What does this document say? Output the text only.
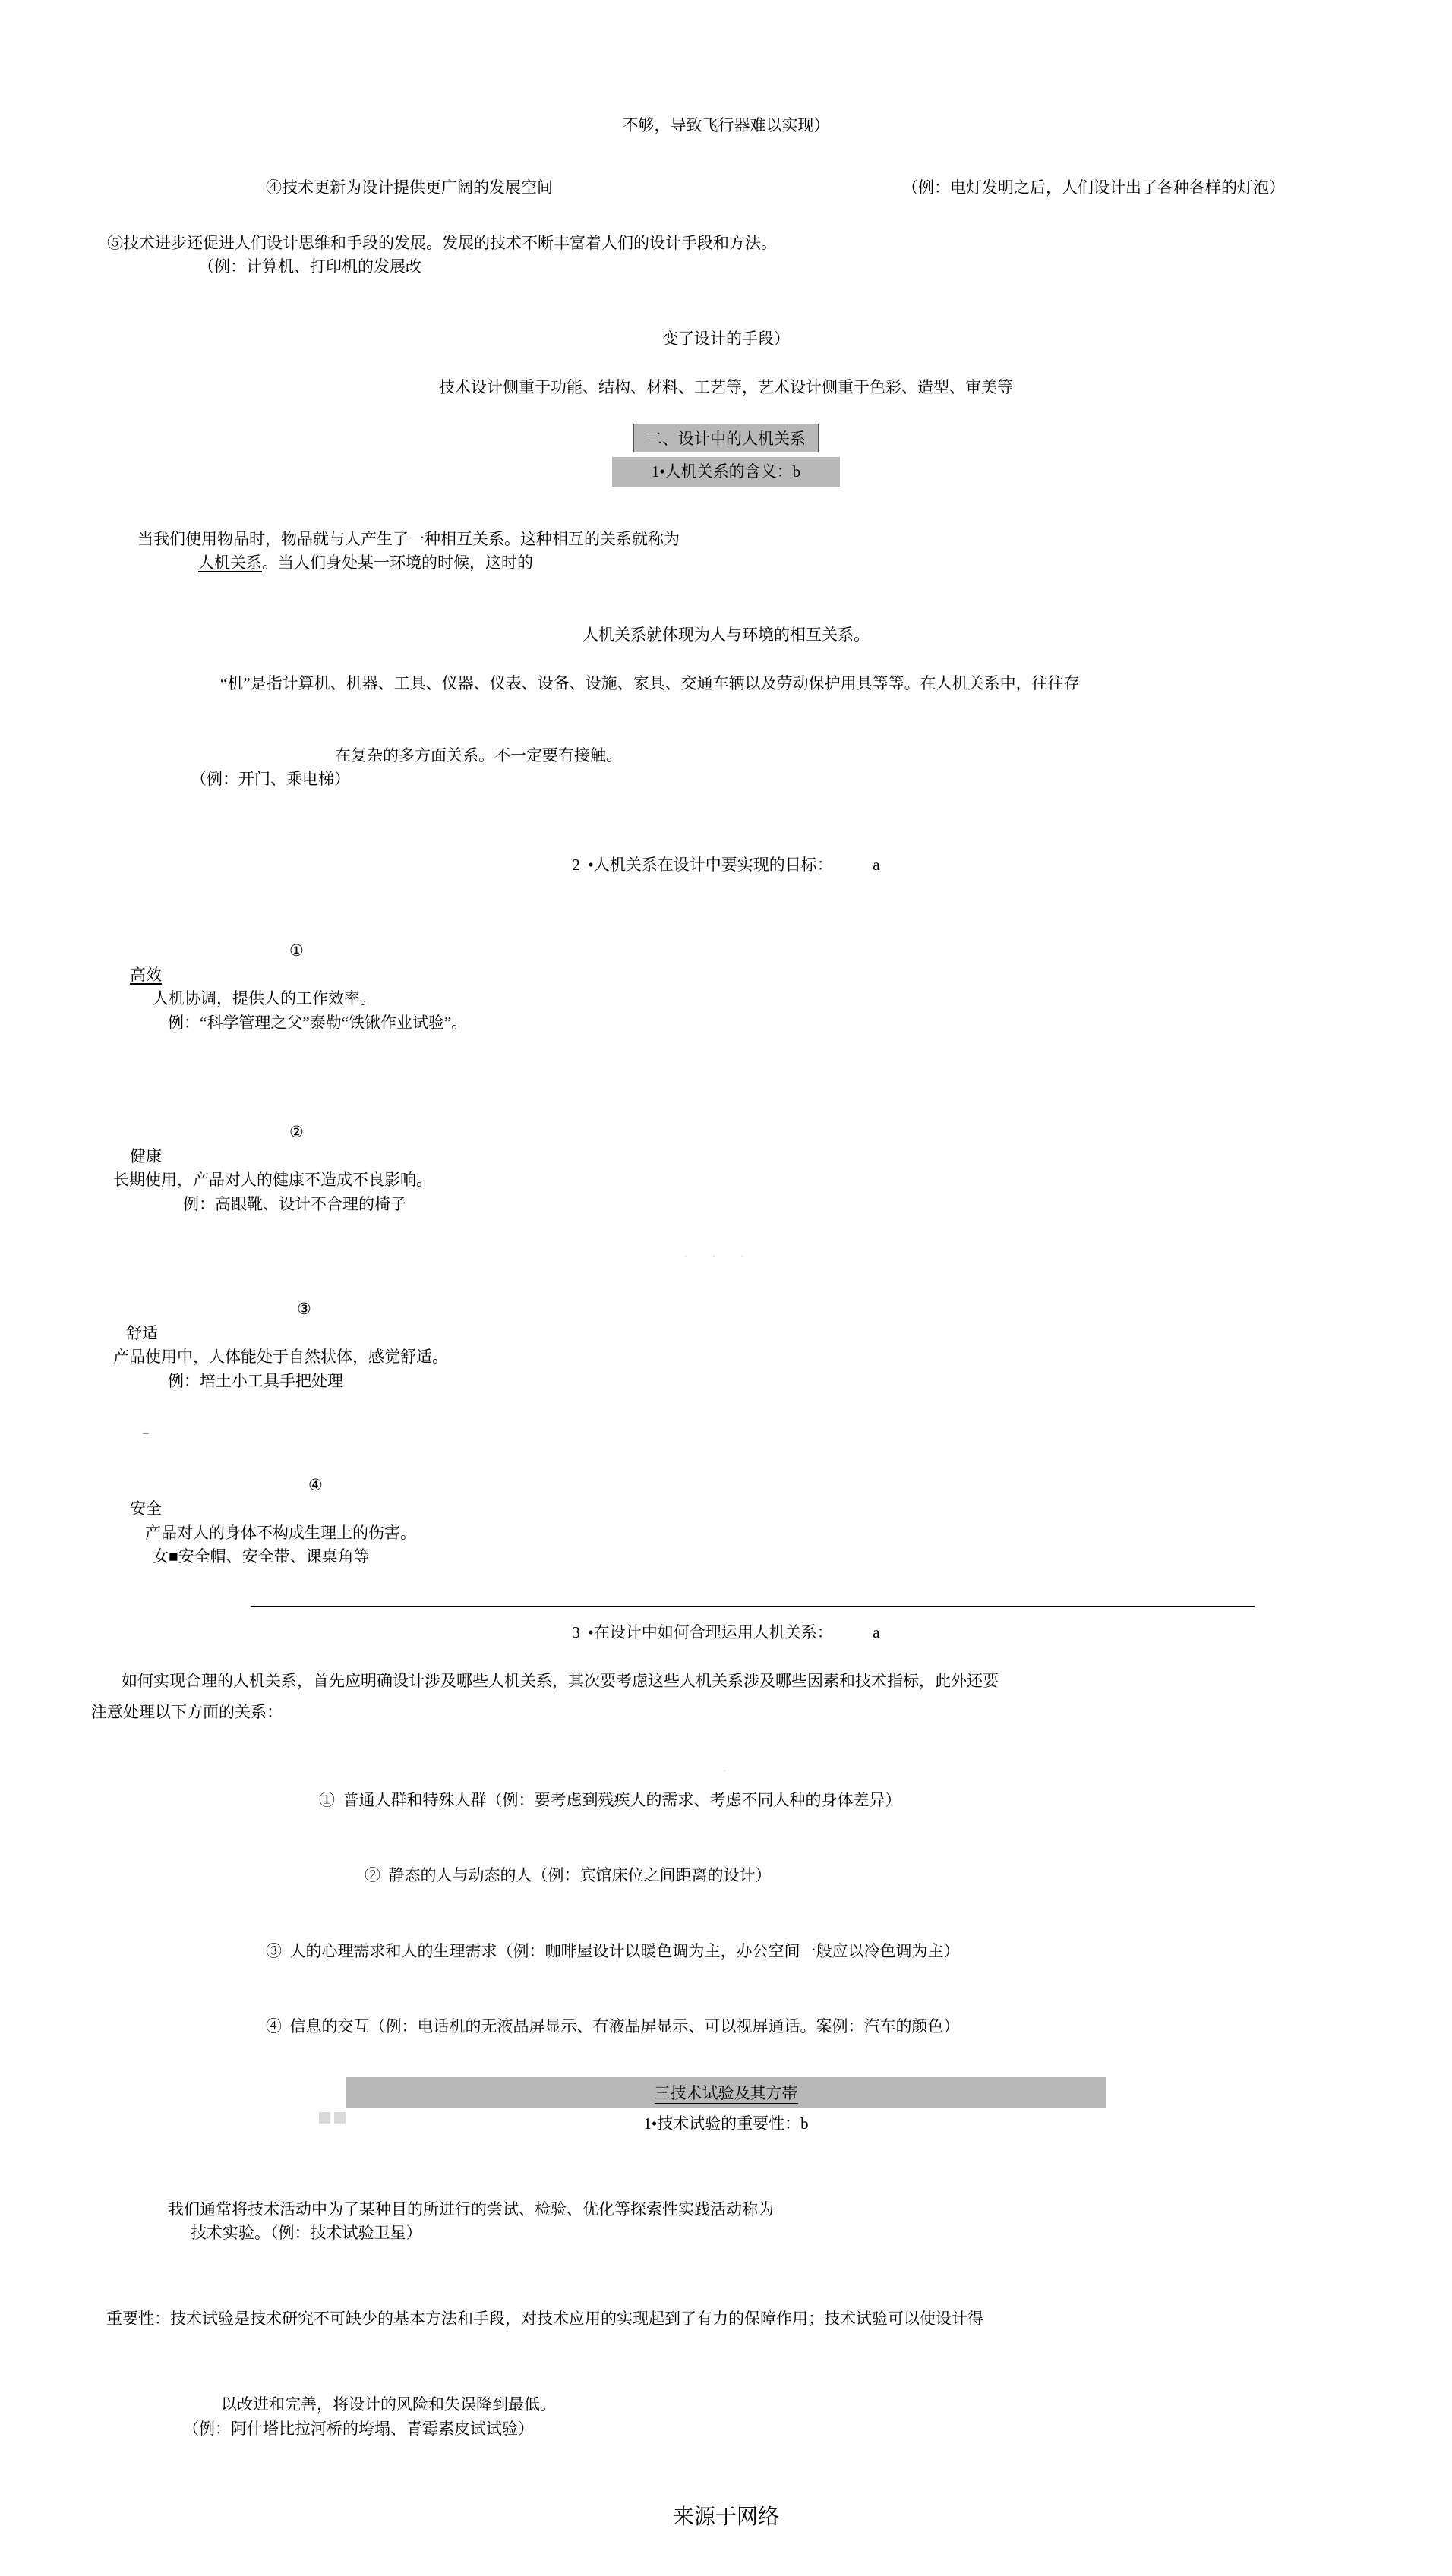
不够，导致飞行器难以实现）
④技术更新为设计提供更广阔的发展空间	（例：电灯发明之后，人们设计出了各种各样的灯泡）

⑤技术进步还促进人们设计思维和手段的发展。发展的技术不断丰富着人们的设计手段和方法。
（例：计算机、打印机的发展改

变了设计的手段）
技术设计侧重于功能、结构、材料、工艺等，艺术设计侧重于色彩、造型、审美等
二、设计中的人机关系
1•人机关系的含义：b

当我们使用物品时，物品就与人产生了一种相互关系。这种相互的关系就称为
人机关系。当人们身处某一环境的时候，这时的

人机关系就体现为人与环境的相互关系。
“机”是指计算机、机器、工具、仪器、仪表、设备、设施、家具、交通车辆以及劳动保护用具等等。在人机关系中，往往存

在复杂的多方面关系。不一定要有接触。
（例：开门、乘电梯）

2  •人机关系在设计中要实现的目标：          a

①
高效
人机协调，提供人的工作效率。
例：“科学管理之父”泰勒“铁锹作业试验”。

②
健康
长期使用，产品对人的健康不造成不良影响。
例：高跟靴、设计不合理的椅子

· · ·

③
舒适
产品使用中，人体能处于自然状体，感觉舒适。
例：培土小工具手把处理

–

④
安全
产品对人的身体不构成生理上的伤害。
女■安全帽、安全带、课桌角等

3  •在设计中如何合理运用人机关系：          a
如何实现合理的人机关系，首先应明确设计涉及哪些人机关系，其次要考虑这些人机关系涉及哪些因素和技术指标，此外还要
注意处理以下方面的关系：
·
①  普通人群和特殊人群（例：要考虑到残疾人的需求、考虑不同人种的身体差异）
②  静态的人与动态的人（例：宾馆床位之间距离的设计）
③  人的心理需求和人的生理需求（例：咖啡屋设计以暖色调为主，办公空间一般应以冷色调为主）
④  信息的交互（例：电话机的无液晶屏显示、有液晶屏显示、可以视屏通话。案例：汽车的颜色）
三技术试验及其方帯
1•技术试验的重要性：b

我们通常将技术活动中为了某种目的所进行的尝试、检验、优化等探索性实践活动称为
技术实验。（例：技术试验卫星）

重要性：技术试验是技术研究不可缺少的基本方法和手段，对技术应用的实现起到了有力的保障作用；技术试验可以使设计得

以改进和完善，将设计的风险和失误降到最低。
（例：阿什塔比拉河桥的垮塌、青霉素皮试试验）

来源于网络
